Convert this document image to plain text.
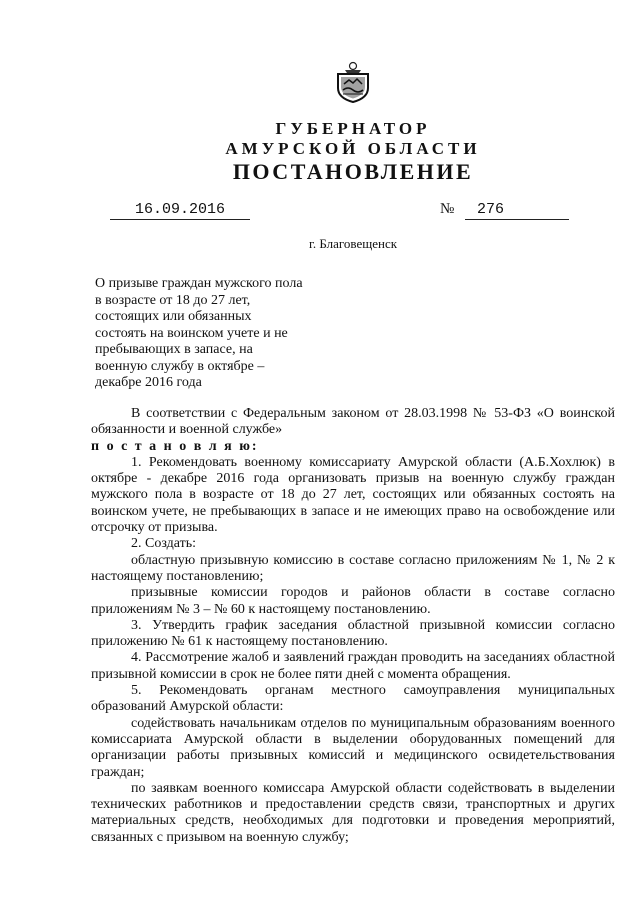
ГУБЕРНАТОР
АМУРСКОЙ ОБЛАСТИ
ПОСТАНОВЛЕНИЕ
16.09.2016	№	276
г. Благовещенск
О призыве граждан мужского пола
в возрасте от 18 до 27 лет,
состоящих или обязанных
состоять на воинском учете и не
пребывающих в запасе, на
военную службу в октябре –
декабре 2016 года

В соответствии с Федеральным законом от 28.03.1998 № 53-ФЗ «О воинской обязанности и военной службе»

п о с т а н о в л я ю:

1. Рекомендовать военному комиссариату Амурской области (А.Б.Хохлюк) в октябре - декабре 2016 года организовать призыв на военную службу граждан мужского пола в возрасте от 18 до 27 лет, состоящих или обязанных состоять на воинском учете, не пребывающих в запасе и не имеющих право на освобождение или отсрочку от призыва.

2. Создать:

областную призывную комиссию в составе согласно приложениям № 1, № 2 к настоящему постановлению;

призывные комиссии городов и районов области в составе согласно приложениям № 3 – № 60 к настоящему постановлению.

3. Утвердить график заседания областной призывной комиссии согласно приложению № 61 к настоящему постановлению.

4. Рассмотрение жалоб и заявлений граждан проводить на заседаниях областной призывной комиссии в срок не более пяти дней с момента обращения.

5. Рекомендовать органам местного самоуправления муниципальных образований Амурской области:

содействовать начальникам отделов по муниципальным образованиям военного комиссариата Амурской области в выделении оборудованных помещений для организации работы призывных комиссий и медицинского освидетельствования граждан;

по заявкам военного комиссара Амурской области содействовать в выделении технических работников и предоставлении средств связи, транспортных и других материальных средств, необходимых для подготовки и проведения мероприятий, связанных с призывом на военную службу;
